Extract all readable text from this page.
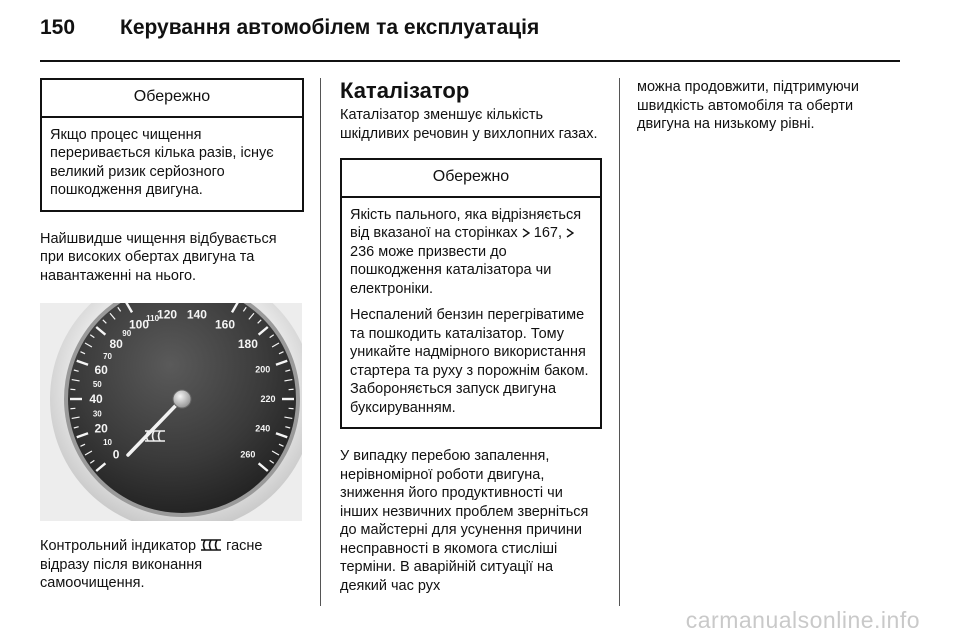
150 Керування автомобілем та експлуатація
Обережно

Якщо процес чищення переривається кілька разів, існує великий ризик серйозного пошкодження двигуна.

Найшвидше чищення відбувається при високих обертах двигуна та навантаженні на нього.

0
20
40
60
80
100
120 140
160
180
200
220
240
260
10
30
50
70
90
110

Контрольний індикатор гасне відразу після виконання самоочищення.

Каталізатор

Каталізатор зменшує кількість шкідливих речовин у вихлопних газах.

Обережно

Якість пального, яка відрізняється від вказаної на сторінках 167,  236 може призвести до пошкодження каталізатора чи електроніки.

Неспалений бензин перегріватиме та пошкодить каталізатор. Тому уникайте надмірного використання стартера та руху з порожнім баком. Забороняється запуск двигуна буксируванням.

У випадку перебою запалення, нерівномірної роботи двигуна, зниження його продуктивності чи інших незвичних проблем зверніться до майстерні для усунення причини несправності в якомога стисліші терміни. В аварійній ситуації на деякий час рух

можна продовжити, підтримуючи швидкість автомобіля та оберти двигуна на низькому рівні.

carmanualsonline.info
